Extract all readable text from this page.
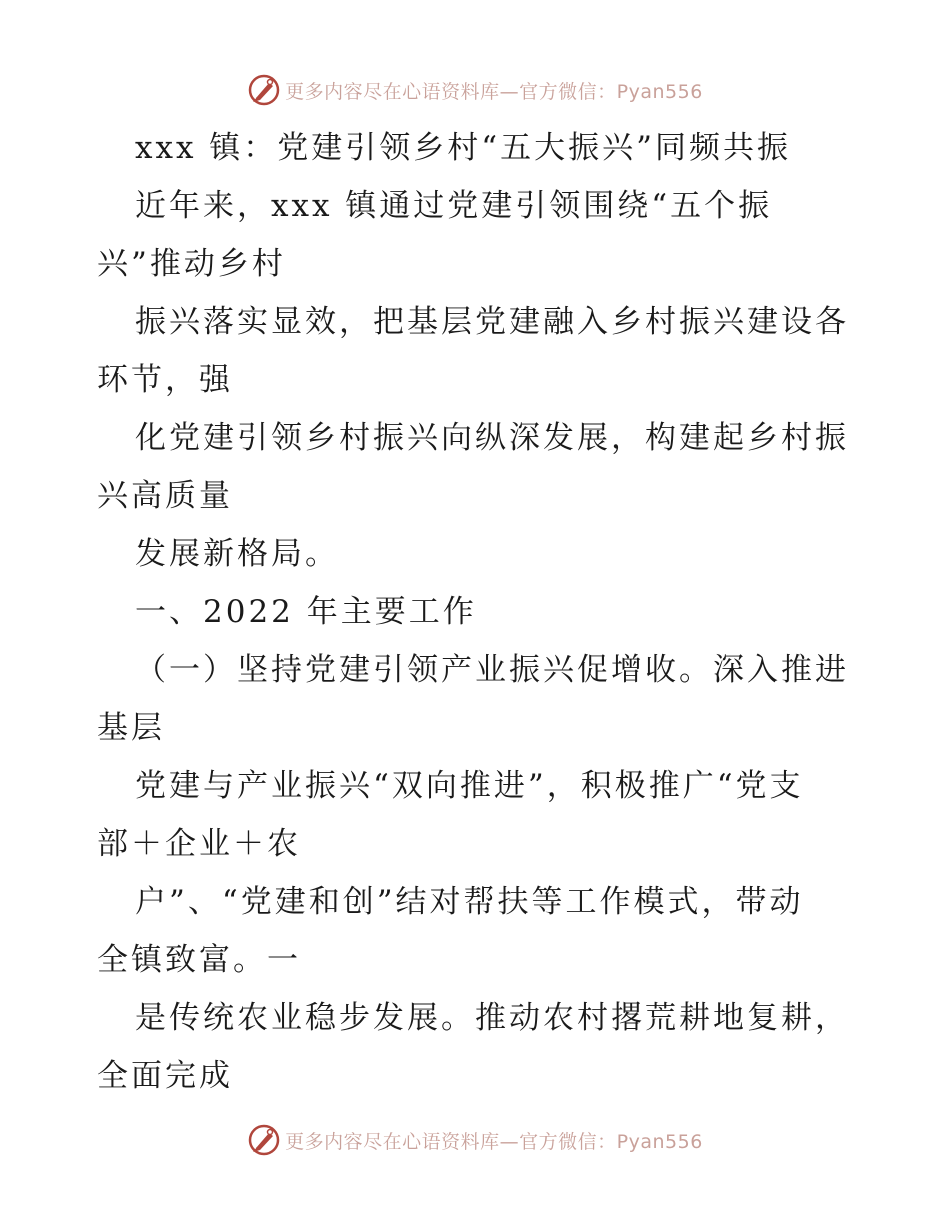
更多内容尽在心语资料库—官方微信：Pyan556
xxx 镇：党建引领乡村“五大振兴”同频共振
近年来，xxx 镇通过党建引领围绕“五个振
兴”推动乡村
振兴落实显效，把基层党建融入乡村振兴建设各
环节，强
化党建引领乡村振兴向纵深发展，构建起乡村振
兴高质量
发展新格局。
一、2022 年主要工作
（一）坚持党建引领产业振兴促增收。深入推进
基层
党建与产业振兴“双向推进”，积极推广“党支
部＋企业＋农
户”、“党建和创”结对帮扶等工作模式，带动
全镇致富。一
是传统农业稳步发展。推动农村撂荒耕地复耕，
全面完成
更多内容尽在心语资料库—官方微信：Pyan556
